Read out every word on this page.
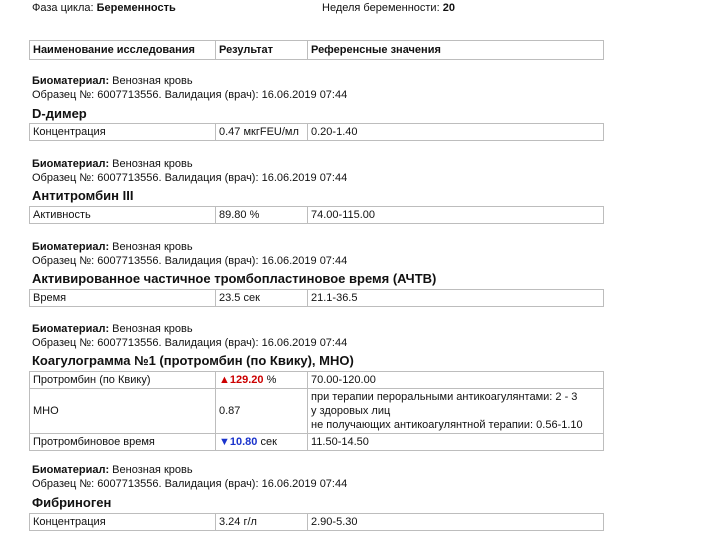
Фаза цикла: Беременность	Неделя беременности: 20
Наименование исследования	Результат	Референсные значения
Биоматериал: Венозная кровь
Образец №: 6007713556. Валидация (врач): 16.06.2019 07:44
D-димер
Концентрация	0.47 мкгFEU/мл	0.20-1.40
Биоматериал: Венозная кровь
Образец №: 6007713556. Валидация (врач): 16.06.2019 07:44
Антитромбин III
Активность	89.80 %	74.00-115.00
Биоматериал: Венозная кровь
Образец №: 6007713556. Валидация (врач): 16.06.2019 07:44
Активированное частичное тромбопластиновое время (АЧТВ)
Время	23.5 сек	21.1-36.5
Биоматериал: Венозная кровь
Образец №: 6007713556. Валидация (врач): 16.06.2019 07:44
Коагулограмма №1 (протромбин (по Квику), МНО)
Протромбин (по Квику)	▲129.20 %	70.00-120.00
МНО	0.87	при терапии пероральными антикоагулянтами: 2 - 3
у здоровых лиц
не получающих антикоагулянтной терапии: 0.56-1.10

Протромбиновое время	▼10.80 сек	11.50-14.50
Биоматериал: Венозная кровь
Образец №: 6007713556. Валидация (врач): 16.06.2019 07:44
Фибриноген
Концентрация	3.24 г/л	2.90-5.30
